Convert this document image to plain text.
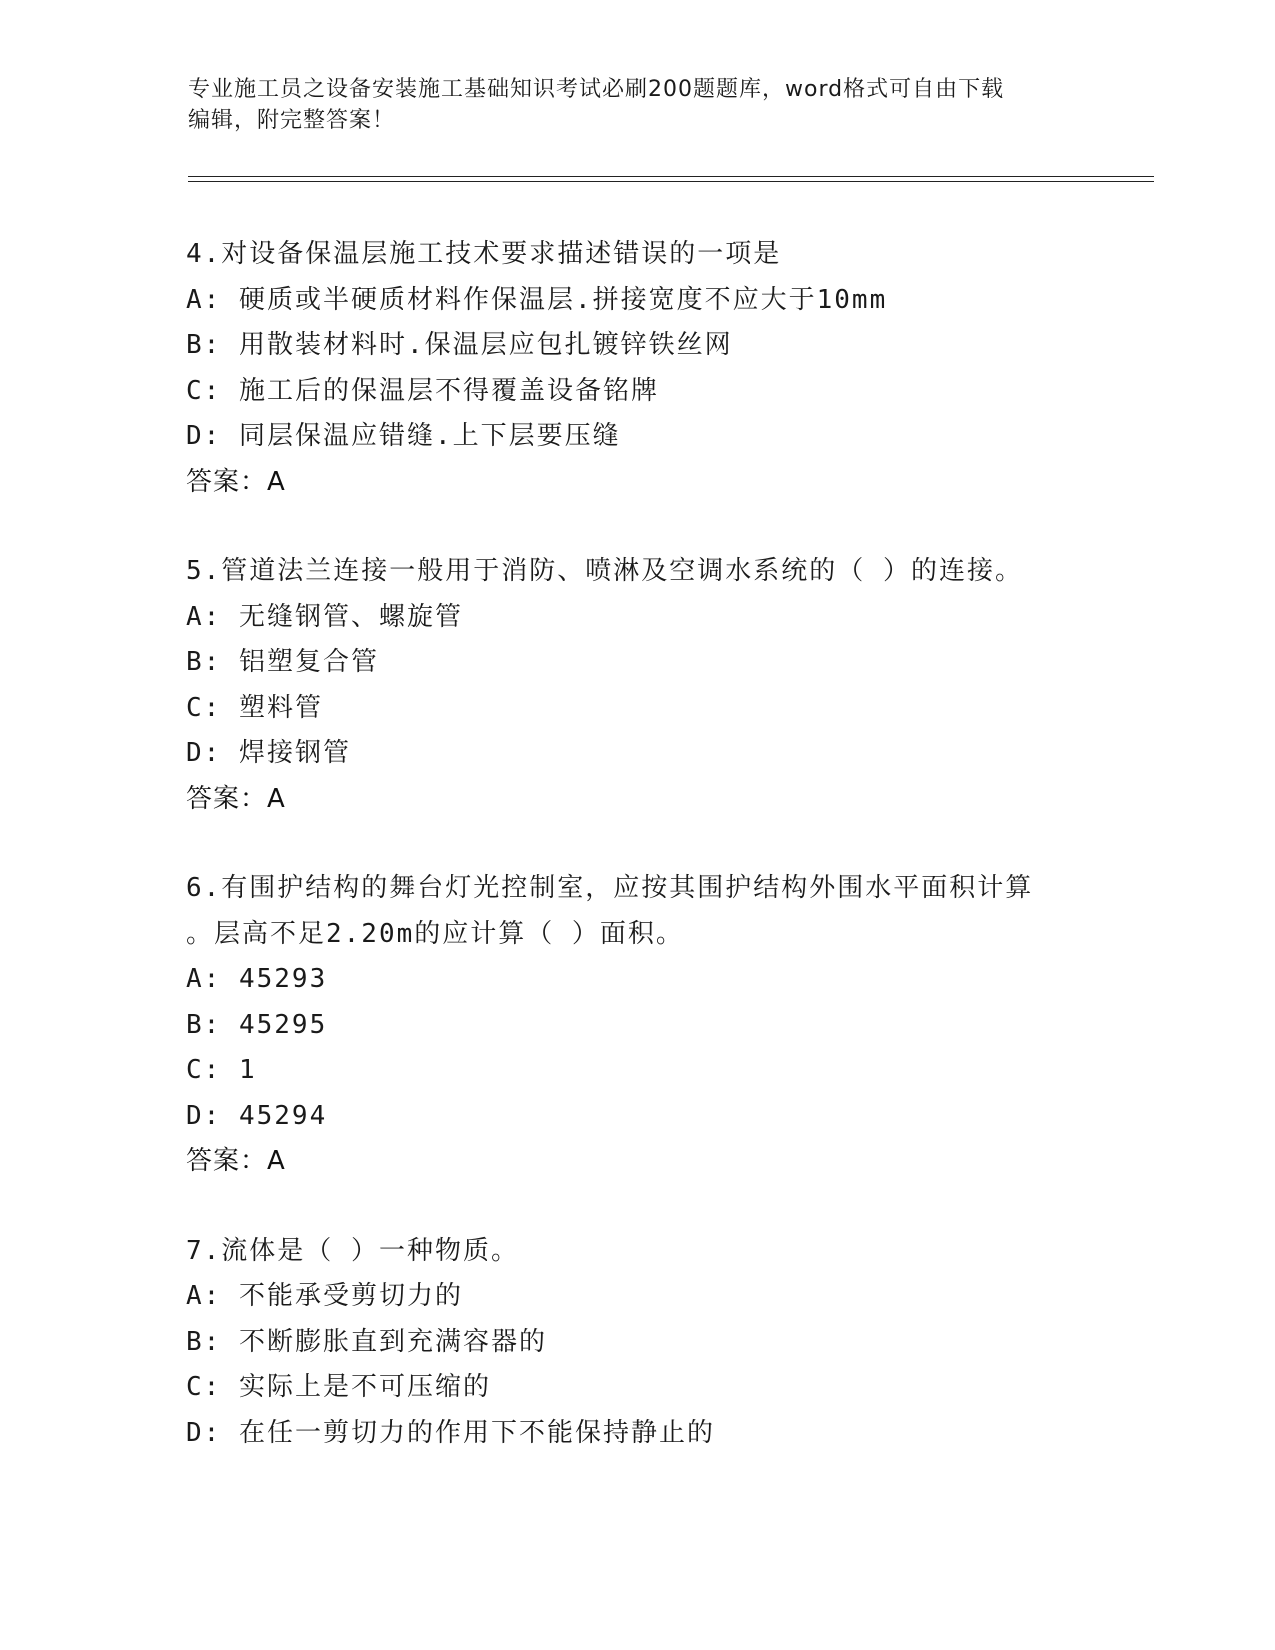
专业施工员之设备安装施工基础知识考试必刷200题题库，word格式可自由下载
编辑，附完整答案！
4.对设备保温层施工技术要求描述错误的一项是
A: 硬质或半硬质材料作保温层.拼接宽度不应大于10mm
B: 用散装材料时.保温层应包扎镀锌铁丝网
C: 施工后的保温层不得覆盖设备铭牌
D: 同层保温应错缝.上下层要压缝
答案：A
5.管道法兰连接一般用于消防、喷淋及空调水系统的（ ）的连接。
A: 无缝钢管、螺旋管
B: 铝塑复合管
C: 塑料管
D: 焊接钢管
答案：A
6.有围护结构的舞台灯光控制室，应按其围护结构外围水平面积计算
。层高不足2.20m的应计算（ ）面积。
A: 45293
B: 45295
C: 1
D: 45294
答案：A
7.流体是（ ）一种物质。
A: 不能承受剪切力的
B: 不断膨胀直到充满容器的
C: 实际上是不可压缩的
D: 在任一剪切力的作用下不能保持静止的
